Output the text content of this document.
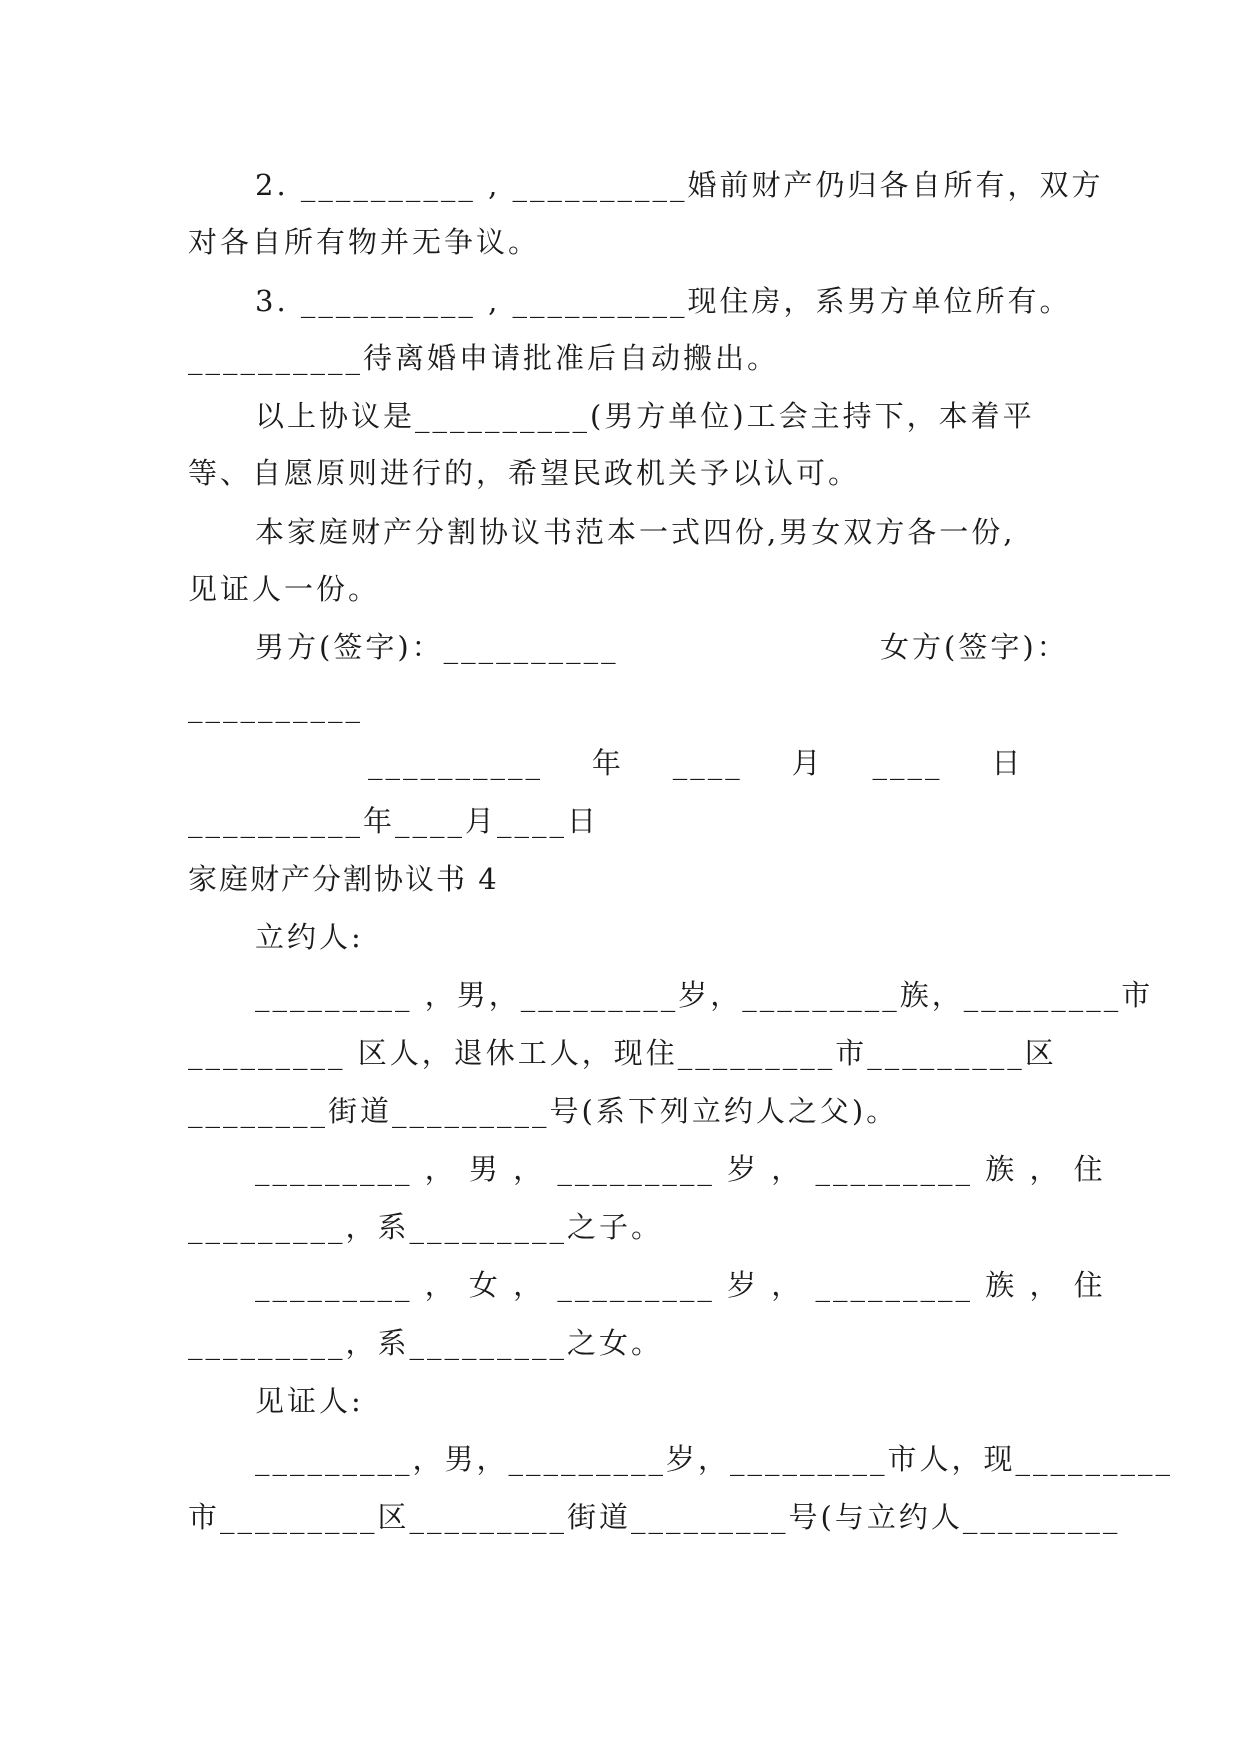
2. __________ , __________婚前财产仍归各自所有，双方
对各自所有物并无争议。
3. __________ , __________现住房，系男方单位所有。
__________待离婚申请批准后自动搬出。
以上协议是__________(男方单位)工会主持下，本着平
等、自愿原则进行的，希望民政机关予以认可。
本家庭财产分割协议书范本一式四份,男女双方各一份,
见证人一份。
男方(签字)：__________	女方(签字)：
__________
__________    年    ____    月    ____    日
__________年____月____日
家庭财产分割协议书 4
立约人:
_________ ，男，_________岁，_________族，_________市
_________ 区人，退休工人，现住_________市_________区
________街道_________号(系下列立约人之父)。
_________ ， 男 ， _________ 岁 ， _________ 族 ， 住
_________，系_________之子。
_________ ， 女 ， _________ 岁 ， _________ 族 ， 住
_________，系_________之女。
见证人:
_________，男，_________岁，_________市人，现_________
市_________区_________街道_________号(与立约人_________
